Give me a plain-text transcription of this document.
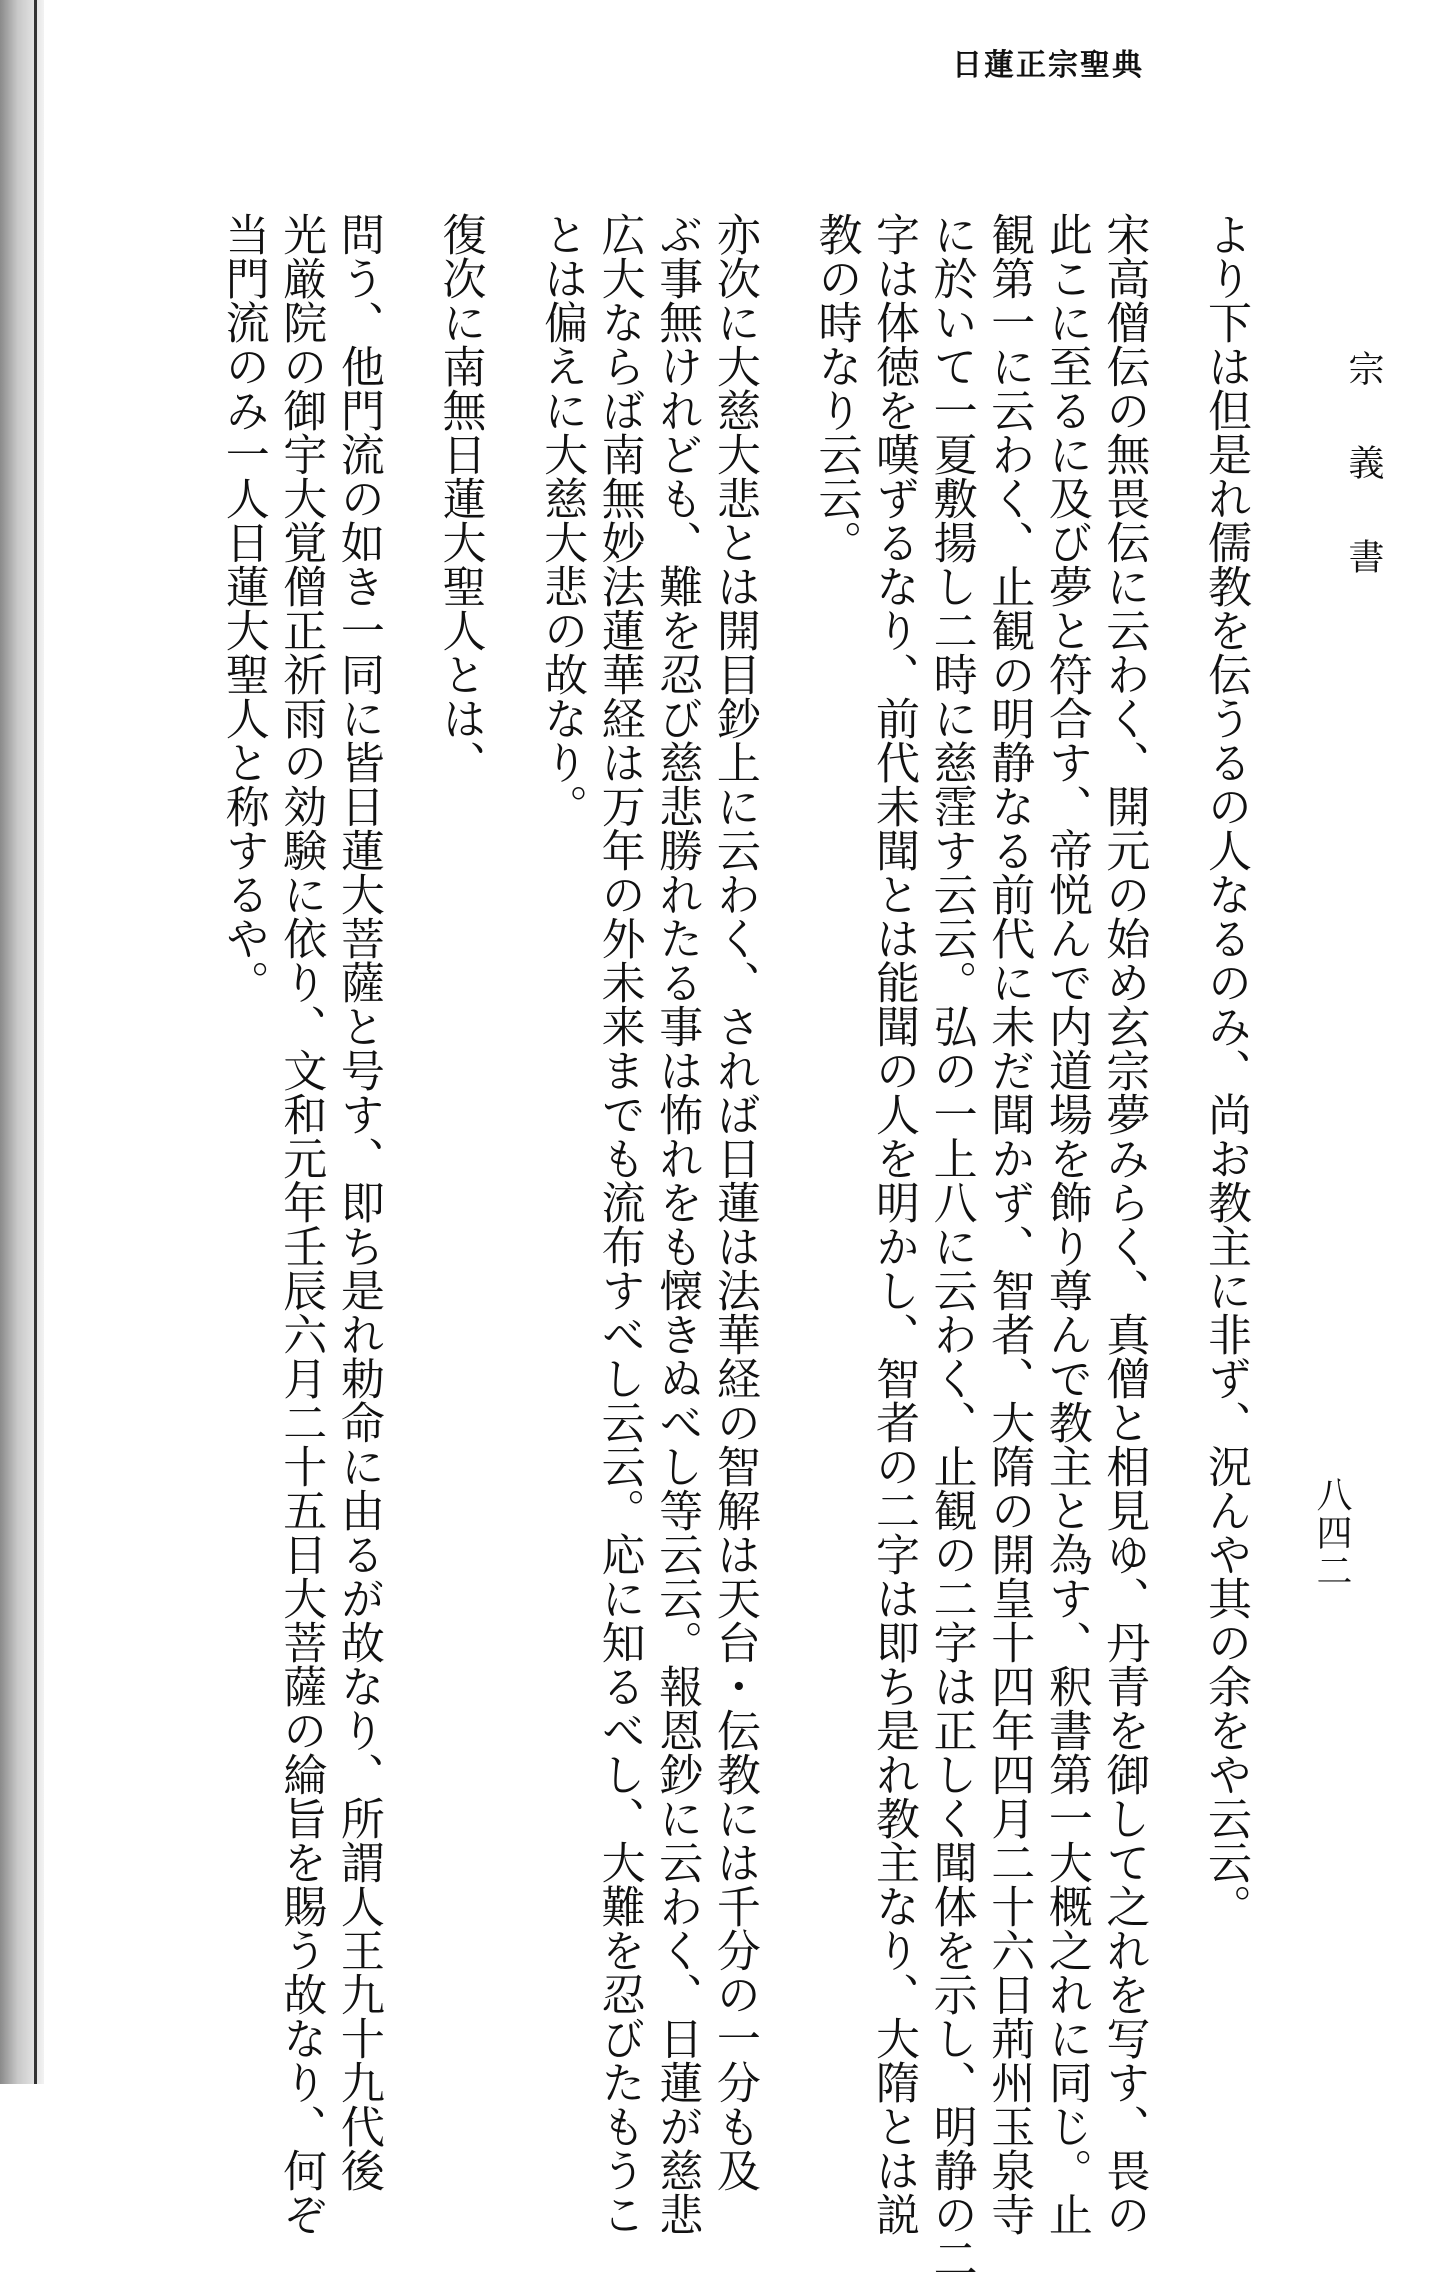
日蓮正宗聖典
宗義書
八四二
より下は但是れ儒教を伝うるの人なるのみ、尚お教主に非ず、況んや其の余をや云云。
宋高僧伝の無畏伝に云わく、開元の始め玄宗夢みらく、真僧と相見ゆ、丹青を御して之れを写す、畏の
此こに至るに及び夢と符合す、帝悦んで内道場を飾り尊んで教主と為す、釈書第一大概之れに同じ。止
観第一に云わく、止観の明静なる前代に未だ聞かず、智者、大隋の開皇十四年四月二十六日荊州玉泉寺
に於いて一夏敷揚し二時に慈霔す云云。弘の一上八に云わく、止観の二字は正しく聞体を示し、明静の二
字は体徳を嘆ずるなり、前代未聞とは能聞の人を明かし、智者の二字は即ち是れ教主なり、大隋とは説
教の時なり云云。
亦次に大慈大悲とは開目鈔上に云わく、されば日蓮は法華経の智解は天台・伝教には千分の一分も及
ぶ事無けれども、難を忍び慈悲勝れたる事は怖れをも懐きぬべし等云云。報恩鈔に云わく、日蓮が慈悲
広大ならば南無妙法蓮華経は万年の外未来までも流布すべし云云。応に知るべし、大難を忍びたもうこ
とは偏えに大慈大悲の故なり。
復次に南無日蓮大聖人とは、
問う、他門流の如き一同に皆日蓮大菩薩と号す、即ち是れ勅命に由るが故なり、所謂人王九十九代後
光厳院の御宇大覚僧正祈雨の効験に依り、文和元年壬辰六月二十五日大菩薩の綸旨を賜う故なり、何ぞ
当門流のみ一人日蓮大聖人と称するや。
